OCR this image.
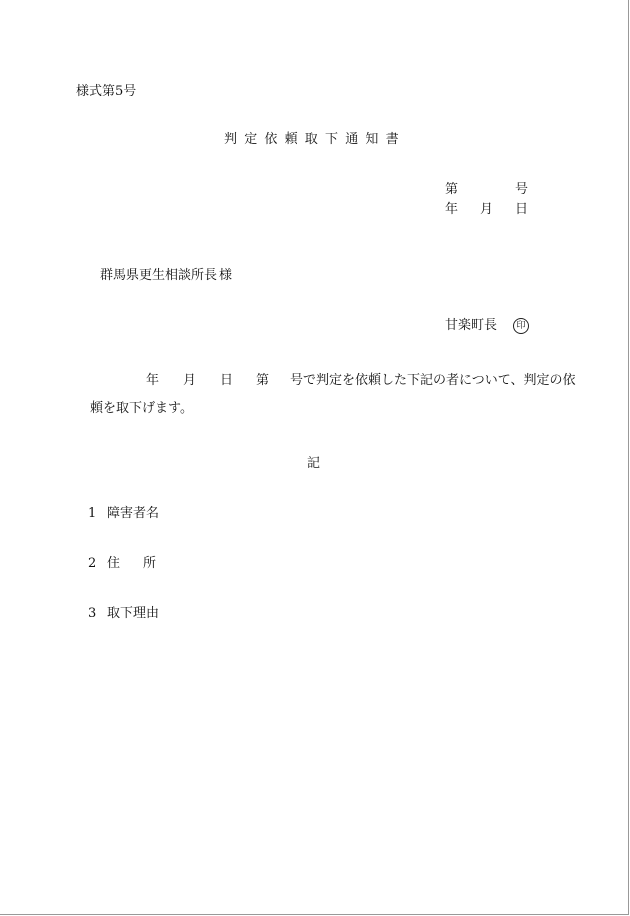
様式第5号
判定依頼取下通知書
第	号
年 月 日
群馬県更生相談所長 様
甘楽町長	印
年 月 日 第 号で判定を依頼した下記の者について、判定の依
頼を取下げます。
記
1 障害者名
2 住 所
3 取下理由
